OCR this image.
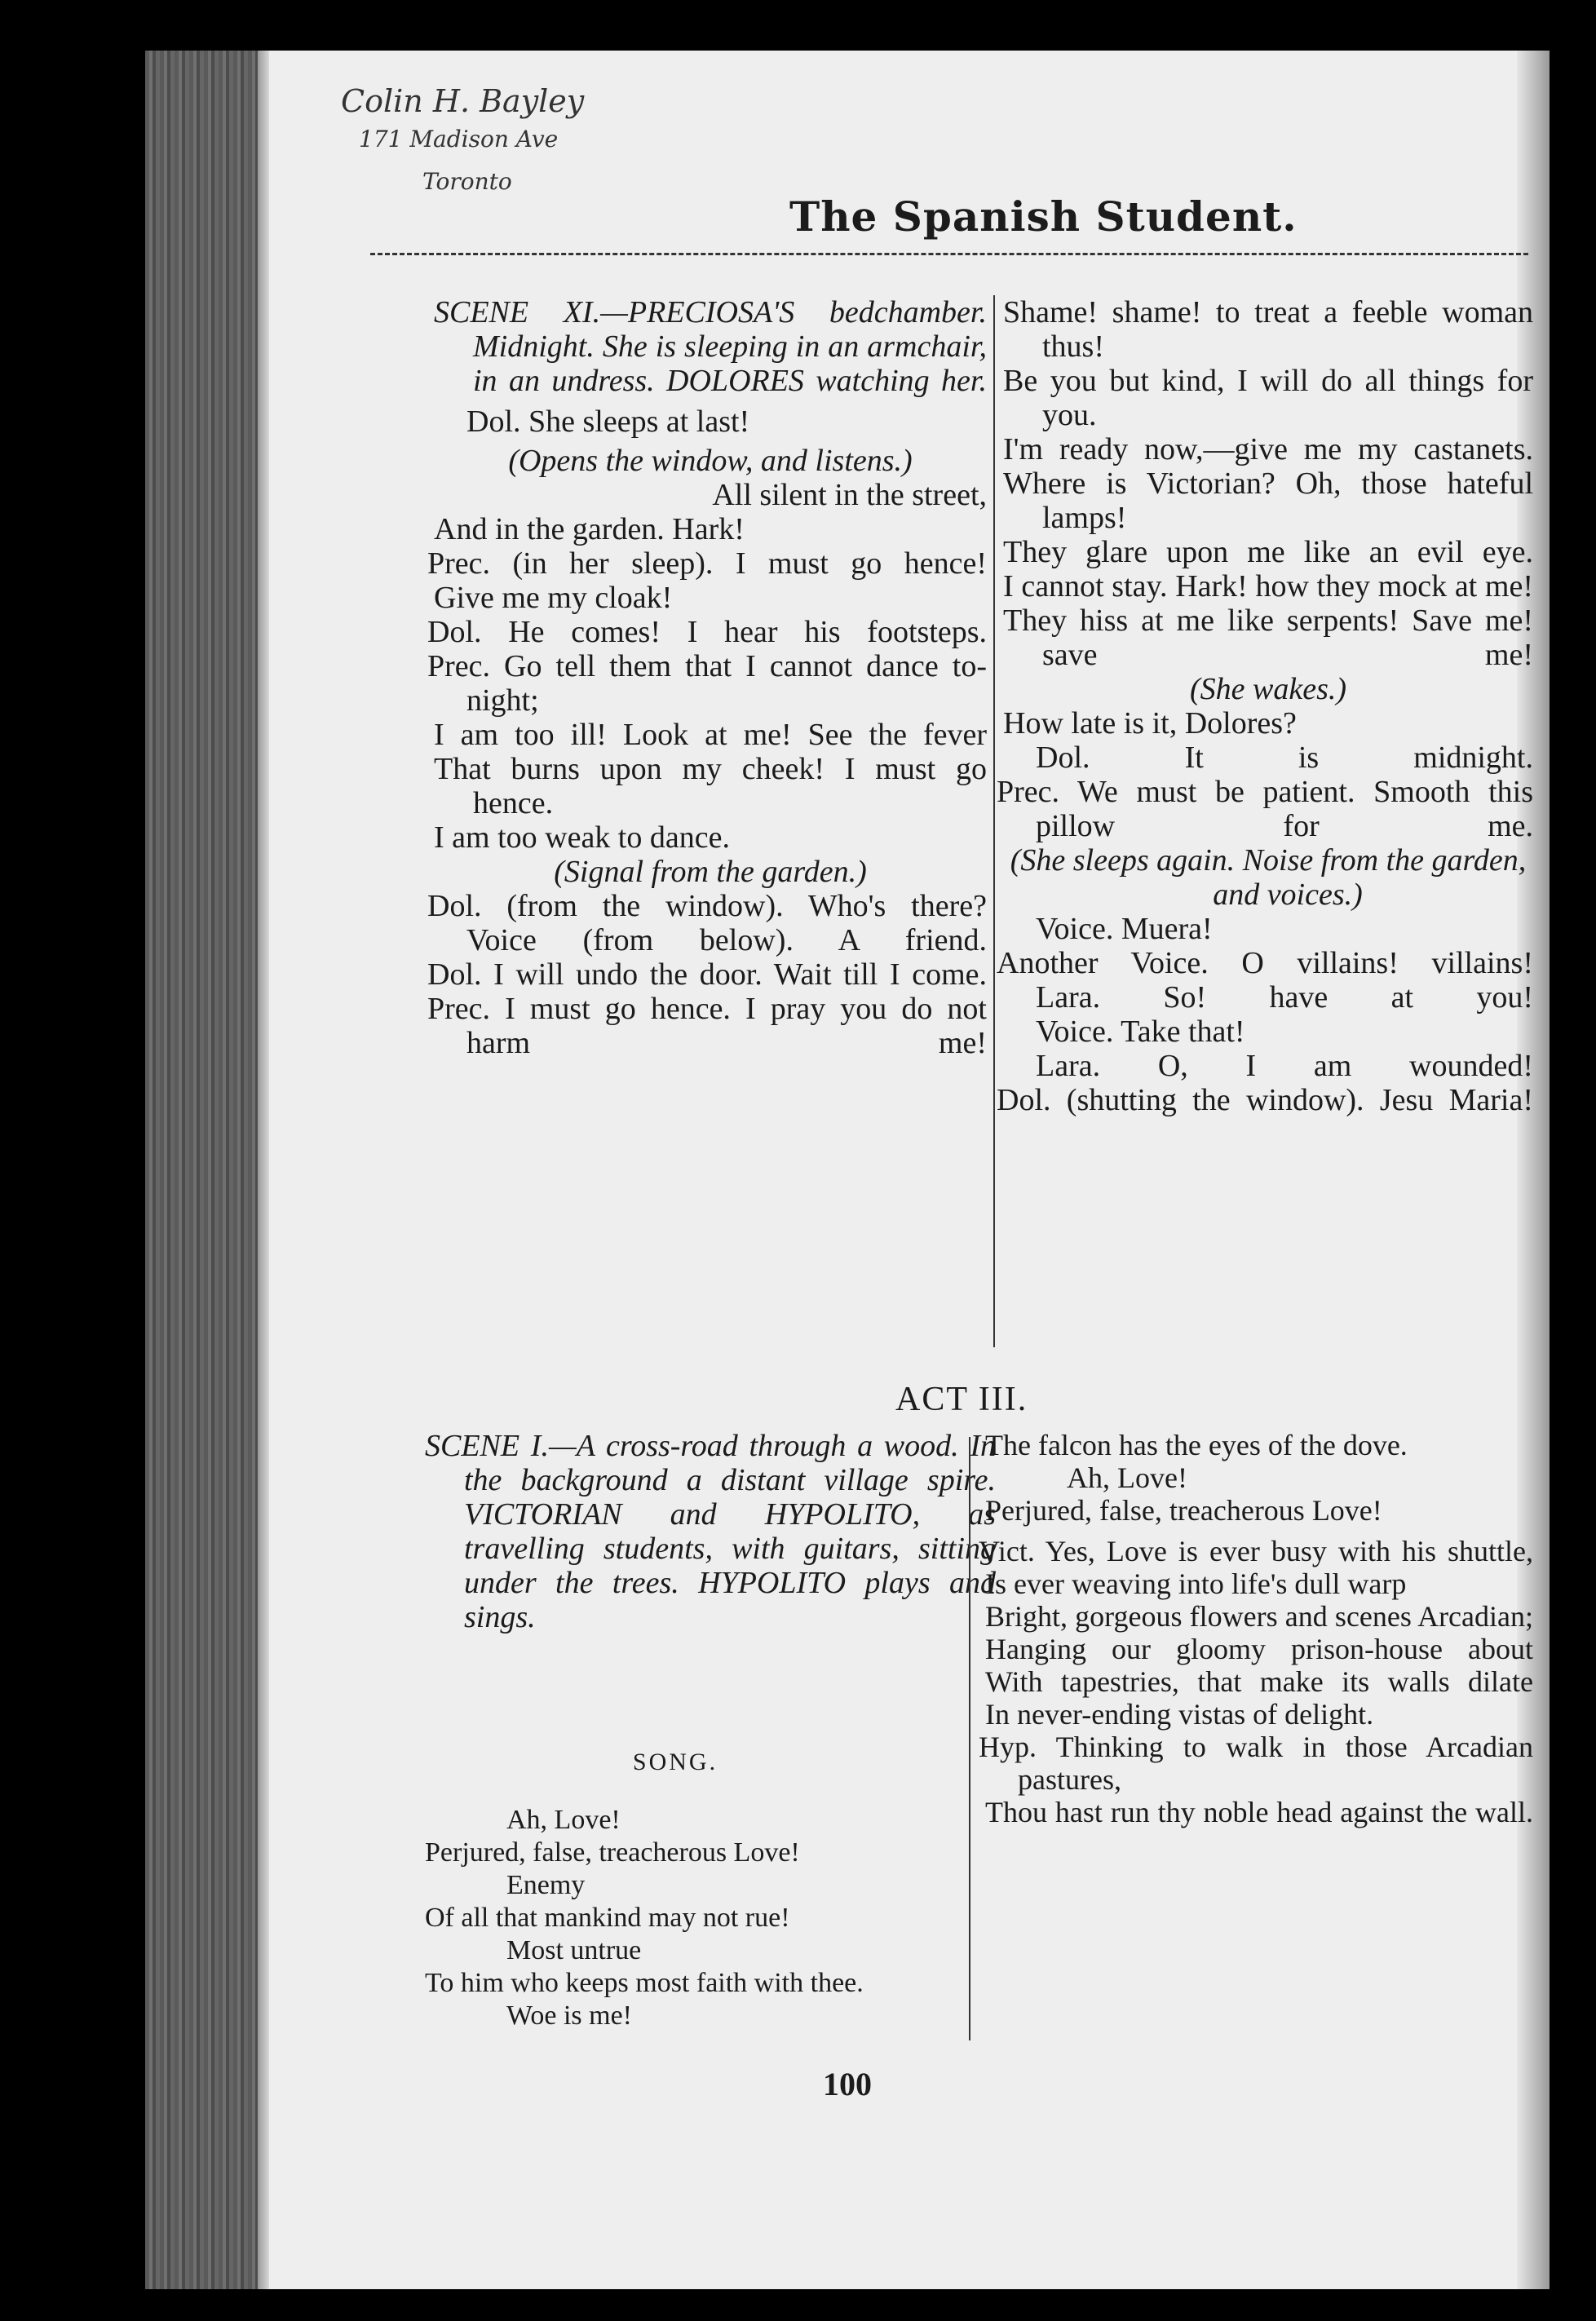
Colin H. Bayley
171 Madison Ave
Toronto
The Spanish Student.

SCENE XI.—PRECIOSA'S bedchamber. Midnight. She is sleeping in an armchair, in an undress. DOLORES watching her.

Dol. She sleeps at last!

(Opens the window, and listens.)

All silent in the street,

And in the garden. Hark!

Prec. (in her sleep). I must go hence!

Give me my cloak!

Dol. He comes! I hear his footsteps.

Prec. Go tell them that I cannot dance to-night;

I am too ill! Look at me! See the fever

That burns upon my cheek! I must go hence.

I am too weak to dance.

(Signal from the garden.)

Dol. (from the window). Who's there?

Voice (from below). A friend.

Dol. I will undo the door. Wait till I come.

Prec. I must go hence. I pray you do not harm me!

Shame! shame! to treat a feeble woman thus!

Be you but kind, I will do all things for you.

I'm ready now,—give me my castanets.

Where is Victorian? Oh, those hateful lamps!

They glare upon me like an evil eye.

I cannot stay. Hark! how they mock at me!

They hiss at me like serpents! Save me! save me!

(She wakes.)

How late is it, Dolores?

Dol. It is midnight.

Prec. We must be patient. Smooth this pillow for me.

(She sleeps again. Noise from the garden, and voices.)

Voice. Muera!

Another Voice. O villains! villains!

Lara. So! have at you!

Voice. Take that!

Lara. O, I am wounded!

Dol. (shutting the window). Jesu Maria!

ACT III.

SCENE I.—A cross-road through a wood. In the background a distant village spire. VICTORIAN and HYPOLITO, as travelling students, with guitars, sitting under the trees. HYPOLITO plays and sings.

SONG.

Ah, Love!

Perjured, false, treacherous Love!

Enemy

Of all that mankind may not rue!

Most untrue

To him who keeps most faith with thee.

Woe is me!

The falcon has the eyes of the dove.

Ah, Love!

Perjured, false, treacherous Love!

Vict. Yes, Love is ever busy with his shuttle,

Is ever weaving into life's dull warp

Bright, gorgeous flowers and scenes Arcadian;

Hanging our gloomy prison-house about

With tapestries, that make its walls dilate

In never-ending vistas of delight.

Hyp. Thinking to walk in those Arcadian pastures,

Thou hast run thy noble head against the wall.

100
